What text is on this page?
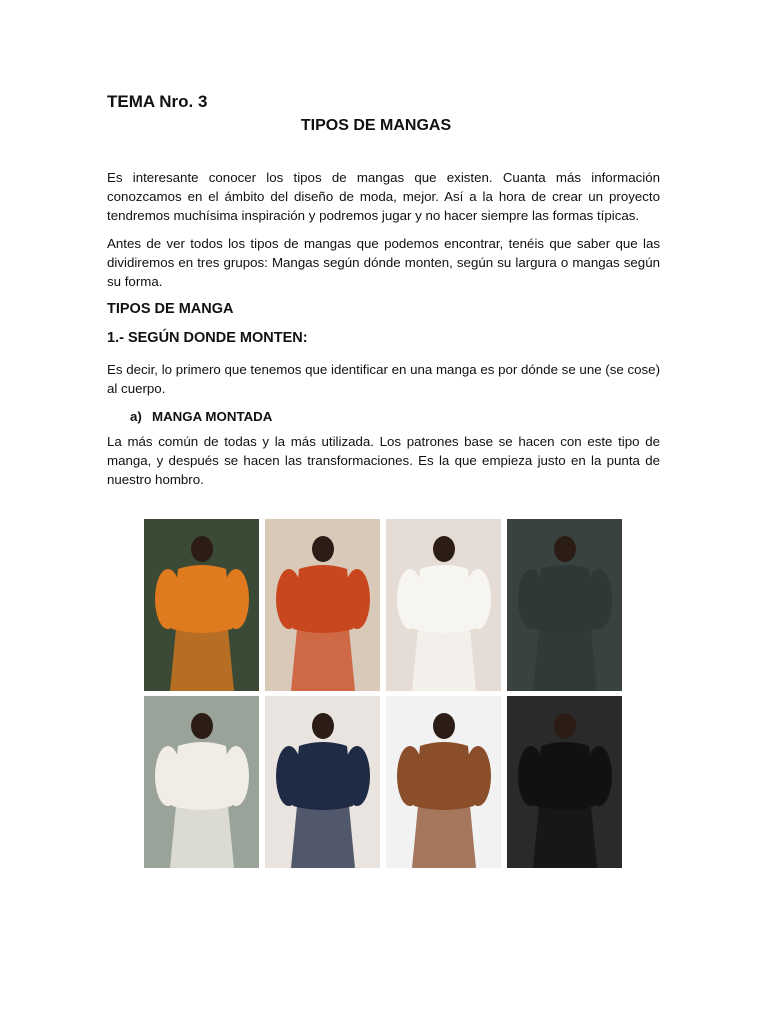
TEMA Nro. 3
TIPOS DE MANGAS

Es interesante conocer los tipos de mangas que existen. Cuanta más información conozcamos en el ámbito del diseño de moda, mejor. Así a la hora de crear un proyecto tendremos muchísima inspiración y podremos jugar y no hacer siempre las formas típicas.

Antes de ver todos los tipos de mangas que podemos encontrar, tenéis que saber que las dividiremos en tres grupos: Mangas según dónde monten, según su largura o mangas según su forma.

TIPOS DE MANGA
1.- SEGÚN DONDE MONTEN:

Es decir, lo primero que tenemos que identificar en una manga es por dónde se une (se cose) al cuerpo.

a) MANGA MONTADA

La más común de todas y la más utilizada. Los patrones base se hacen con este tipo de manga, y después se hacen las transformaciones. Es la que empieza justo en la punta de nuestro hombro.
